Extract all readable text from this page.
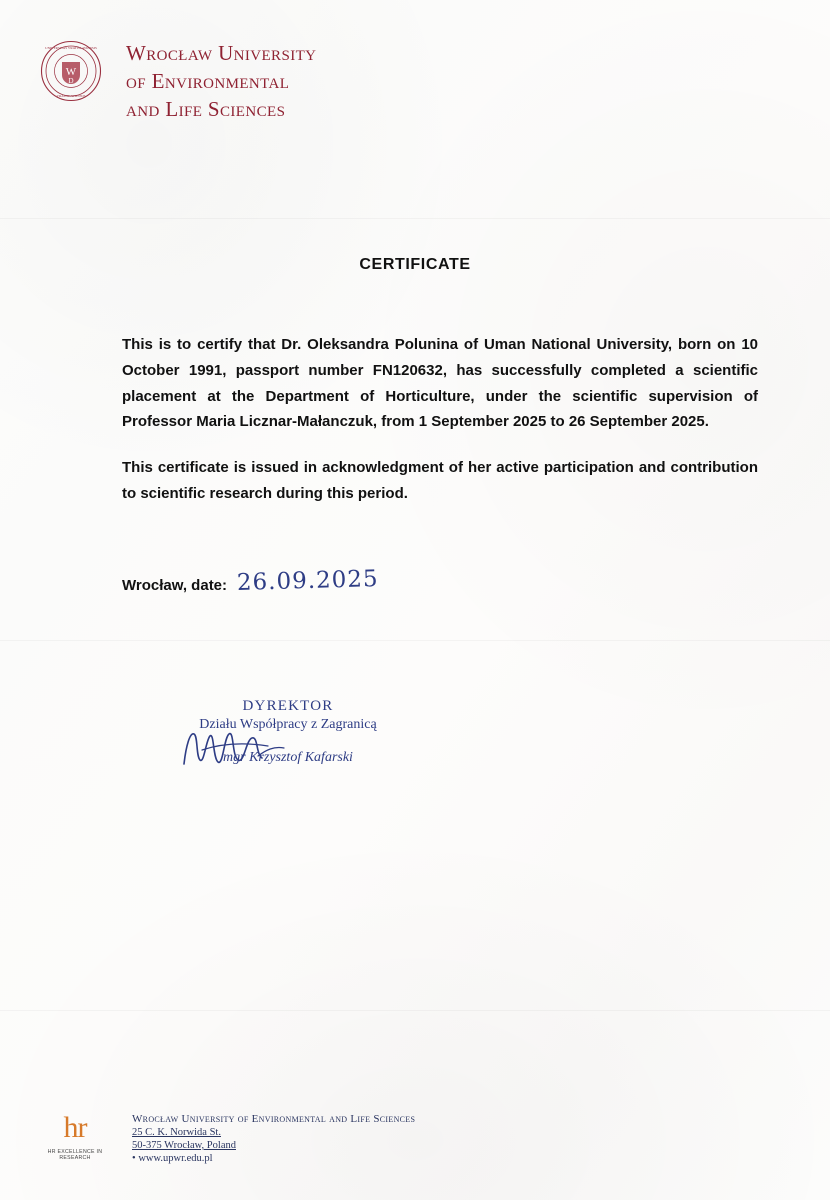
W
D
UNIVERSITAS VRATISLAVIENSIS
VRATISLAVIENSIS
Wrocław University
of Environmental
and Life Sciences
CERTIFICATE
This is to certify that Dr. Oleksandra Polunina of Uman National University, born on 10 October 1991, passport number FN120632, has successfully completed a scientific placement at the Department of Horticulture, under the scientific supervision of Professor Maria Licznar-Małanczuk, from 1 September 2025 to 26 September 2025.
This certificate is issued in acknowledgment of her active participation and contribution to scientific research during this period.
Wrocław, date: 26.09.2025
DYREKTOR
Działu Współpracy z Zagranicą
mgr Krzysztof Kafarski
hr
HR EXCELLENCE IN RESEARCH
Wrocław University of Environmental and Life Sciences
25 C. K. Norwida St.
50-375 Wrocław, Poland
• www.upwr.edu.pl
